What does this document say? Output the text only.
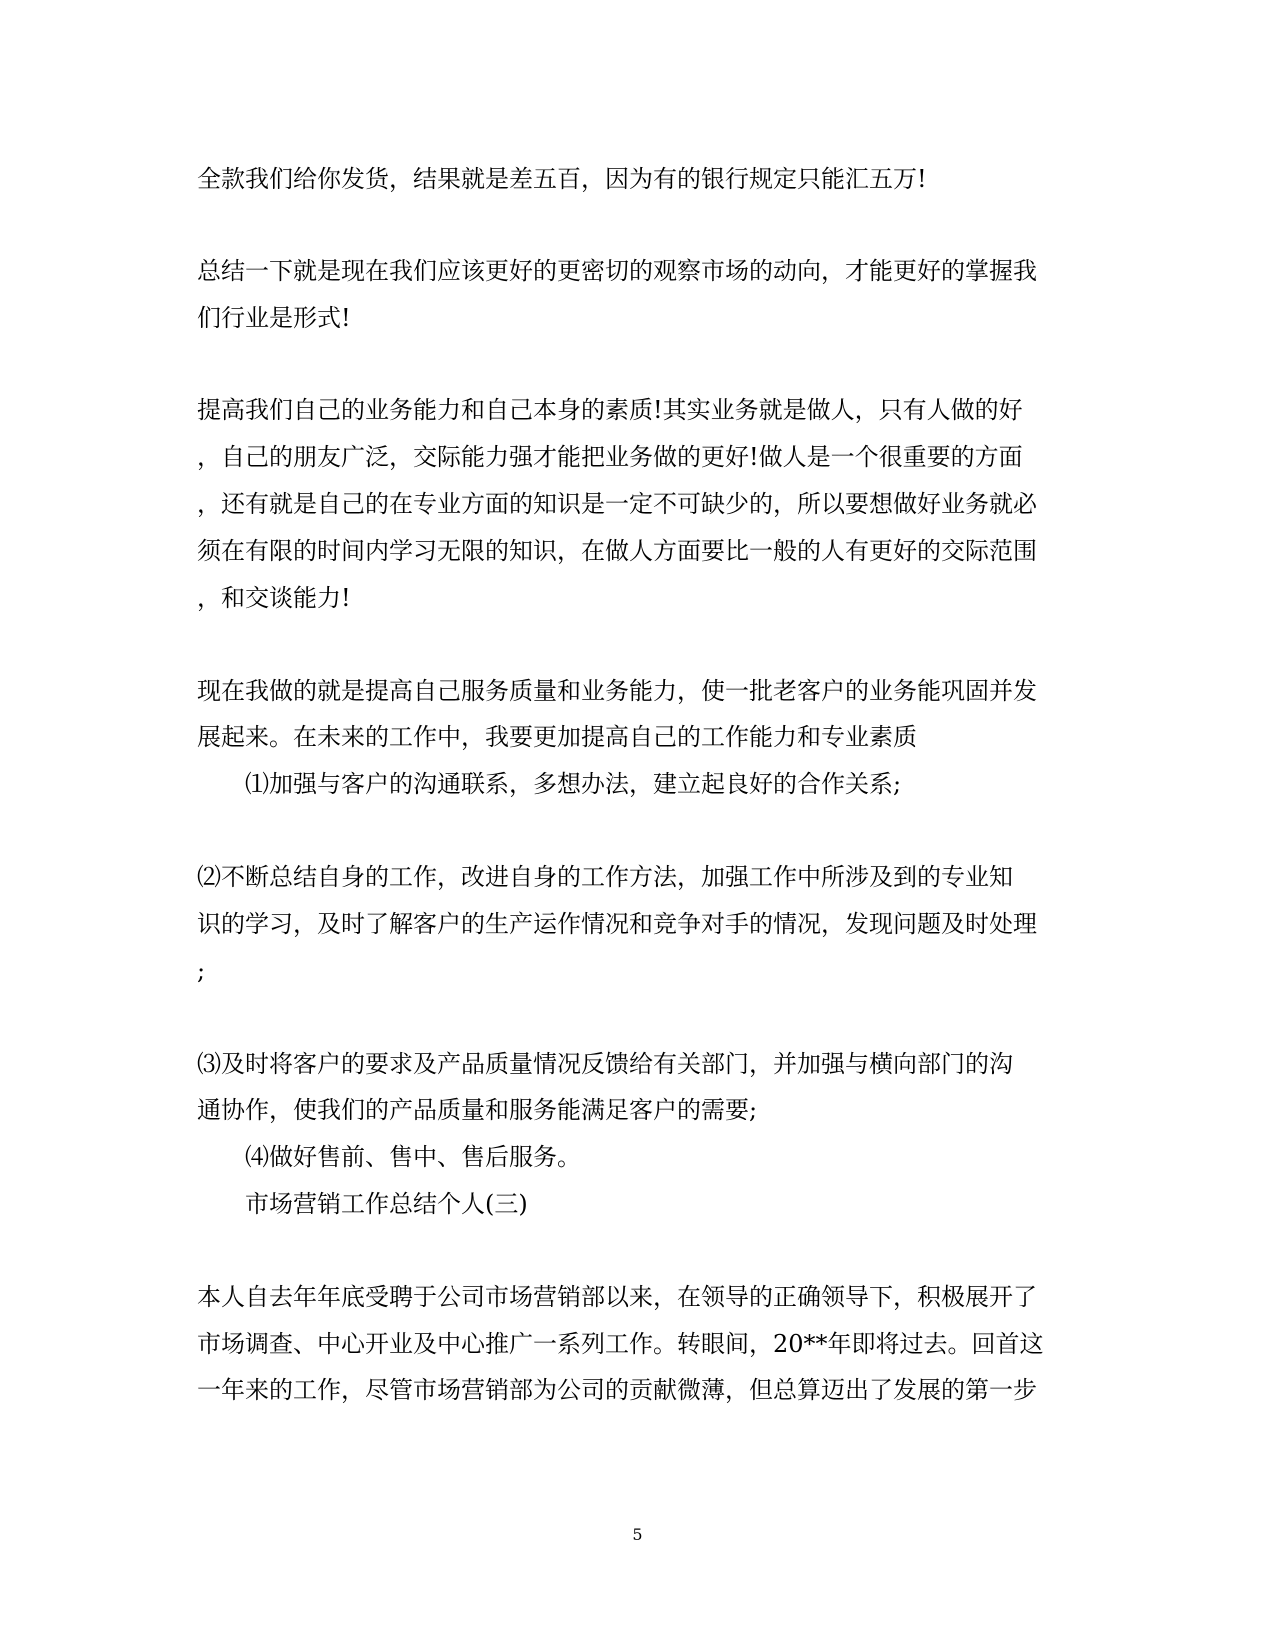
全款我们给你发货，结果就是差五百，因为有的银行规定只能汇五万!
总结一下就是现在我们应该更好的更密切的观察市场的动向，才能更好的掌握我
们行业是形式!
提高我们自己的业务能力和自己本身的素质!其实业务就是做人，只有人做的好
，自己的朋友广泛，交际能力强才能把业务做的更好!做人是一个很重要的方面
，还有就是自己的在专业方面的知识是一定不可缺少的，所以要想做好业务就必
须在有限的时间内学习无限的知识，在做人方面要比一般的人有更好的交际范围
，和交谈能力!
现在我做的就是提高自己服务质量和业务能力，使一批老客户的业务能巩固并发
展起来。在未来的工作中，我要更加提高自己的工作能力和专业素质
⑴加强与客户的沟通联系，多想办法，建立起良好的合作关系;
⑵不断总结自身的工作，改进自身的工作方法，加强工作中所涉及到的专业知
识的学习，及时了解客户的生产运作情况和竞争对手的情况，发现问题及时处理
;
⑶及时将客户的要求及产品质量情况反馈给有关部门，并加强与横向部门的沟
通协作，使我们的产品质量和服务能满足客户的需要;
⑷做好售前、售中、售后服务。
市场营销工作总结个人(三)
本人自去年年底受聘于公司市场营销部以来，在领导的正确领导下，积极展开了
市场调查、中心开业及中心推广一系列工作。转眼间，20**年即将过去。回首这
一年来的工作，尽管市场营销部为公司的贡献微薄，但总算迈出了发展的第一步
5
